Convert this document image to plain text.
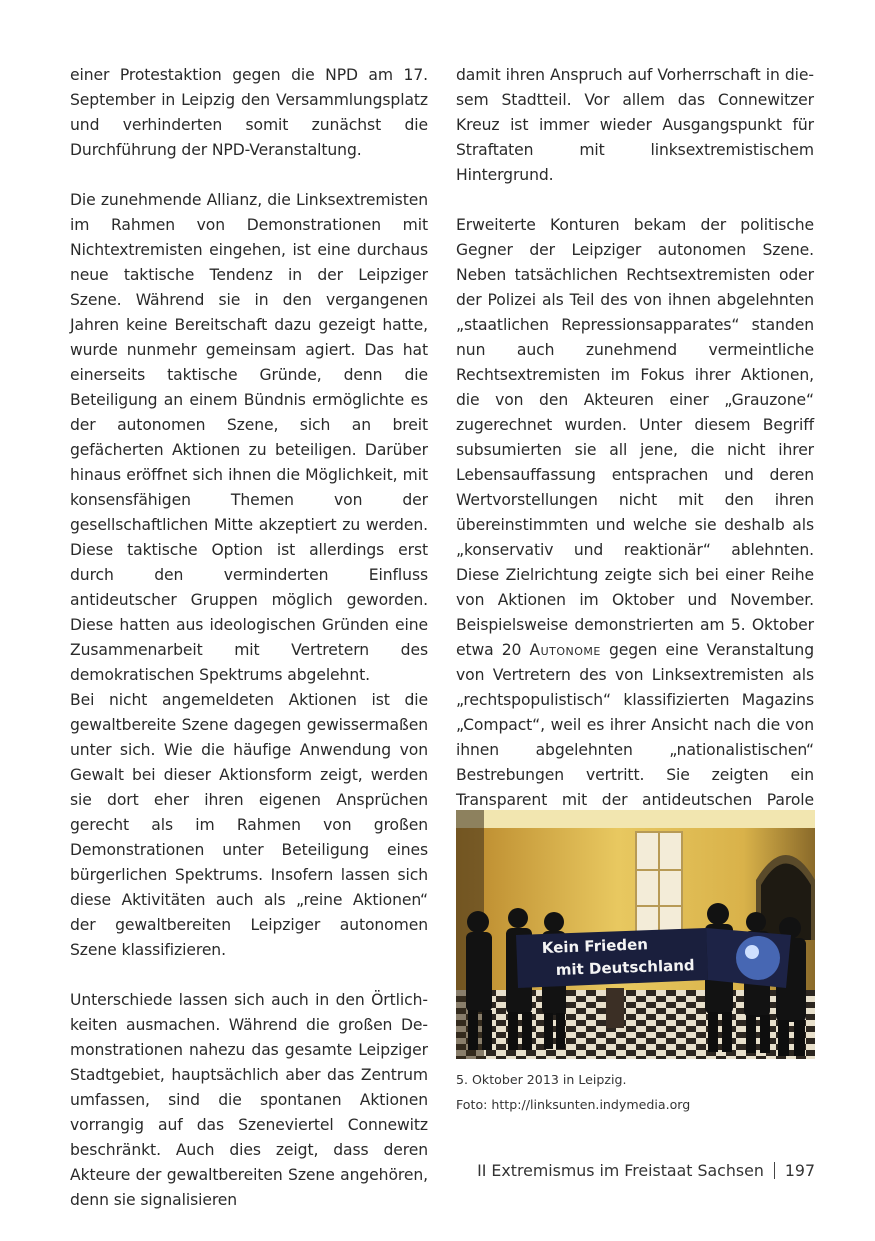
einer Protestaktion gegen die NPD am 17. September in Leipzig den Versammlungsplatz und verhinderten somit zunächst die Durchführung der NPD-Veranstaltung.

Die zunehmende Allianz, die Linksextremisten im Rahmen von Demonstrationen mit Nichtextremisten eingehen, ist eine durchaus neue taktische Tendenz in der Leipziger Szene. Während sie in den vergangenen Jahren keine Bereitschaft dazu gezeigt hatte, wurde nunmehr gemeinsam agiert. Das hat einerseits taktische Gründe, denn die Beteiligung an einem Bündnis ermöglichte es der autonomen Szene, sich an breit gefächerten Aktionen zu beteiligen. Darüber hinaus eröffnet sich ihnen die Möglichkeit, mit konsensfähigen Themen von der gesellschaftlichen Mitte akzeptiert zu werden. Diese taktische Option ist allerdings erst durch den verminderten Einfluss antideutscher Gruppen möglich geworden. Diese hatten aus ideologischen Gründen eine Zusammenarbeit mit Vertretern des demokratischen Spektrums abgelehnt.

Bei nicht angemeldeten Aktionen ist die gewaltbereite Szene dagegen gewissermaßen unter sich. Wie die häufige Anwendung von Gewalt bei dieser Aktionsform zeigt, werden sie dort eher ihren eigenen Ansprüchen gerecht als im Rahmen von großen Demonstrationen unter Beteiligung eines bürgerlichen Spektrums. Insofern lassen sich diese Aktivitäten auch als „reine Aktionen“ der gewaltbereiten Leipziger autonomen Szene klassifizieren.

Unterschiede lassen sich auch in den Örtlichkeiten ausmachen. Während die großen Demonstrationen nahezu das gesamte Leipziger Stadtgebiet, hauptsächlich aber das Zentrum umfassen, sind die spontanen Aktionen vorrangig auf das Szeneviertel Connewitz beschränkt. Auch dies zeigt, dass deren Akteure der gewaltbereiten Szene angehören, denn sie signalisieren

damit ihren Anspruch auf Vorherrschaft in diesem Stadtteil. Vor allem das Connewitzer Kreuz ist immer wieder Ausgangspunkt für Straftaten mit linksextremistischem Hintergrund.

Erweiterte Konturen bekam der politische Gegner der Leipziger autonomen Szene. Neben tatsächlichen Rechtsextremisten oder der Polizei als Teil des von ihnen abgelehnten „staatlichen Repressionsapparates“ standen nun auch zunehmend vermeintliche Rechtsextremisten im Fokus ihrer Aktionen, die von den Akteuren einer „Grauzone“ zugerechnet wurden. Unter diesem Begriff subsumierten sie all jene, die nicht ihrer Lebensauffassung entsprachen und deren Wertvorstellungen nicht mit den ihren übereinstimmten und welche sie deshalb als „konservativ und reaktionär“ ablehnten. Diese Zielrichtung zeigte sich bei einer Reihe von Aktionen im Oktober und November. Beispielsweise demonstrierten am 5. Oktober etwa 20 Autonome gegen eine Veranstaltung von Vertretern des von Linksextremisten als „rechtspopulistisch“ klassifizierten Magazins „Compact“, weil es ihrer Ansicht nach die von ihnen abgelehnten „nationalistischen“ Bestrebungen vertritt. Sie zeigten ein Transparent mit der antideutschen Parole

Kein Frieden
mit Deutschland
5. Oktober 2013 in Leipzig.
Foto: http://linksunten.indymedia.org
II Extremismus im Freistaat Sachsen 197
